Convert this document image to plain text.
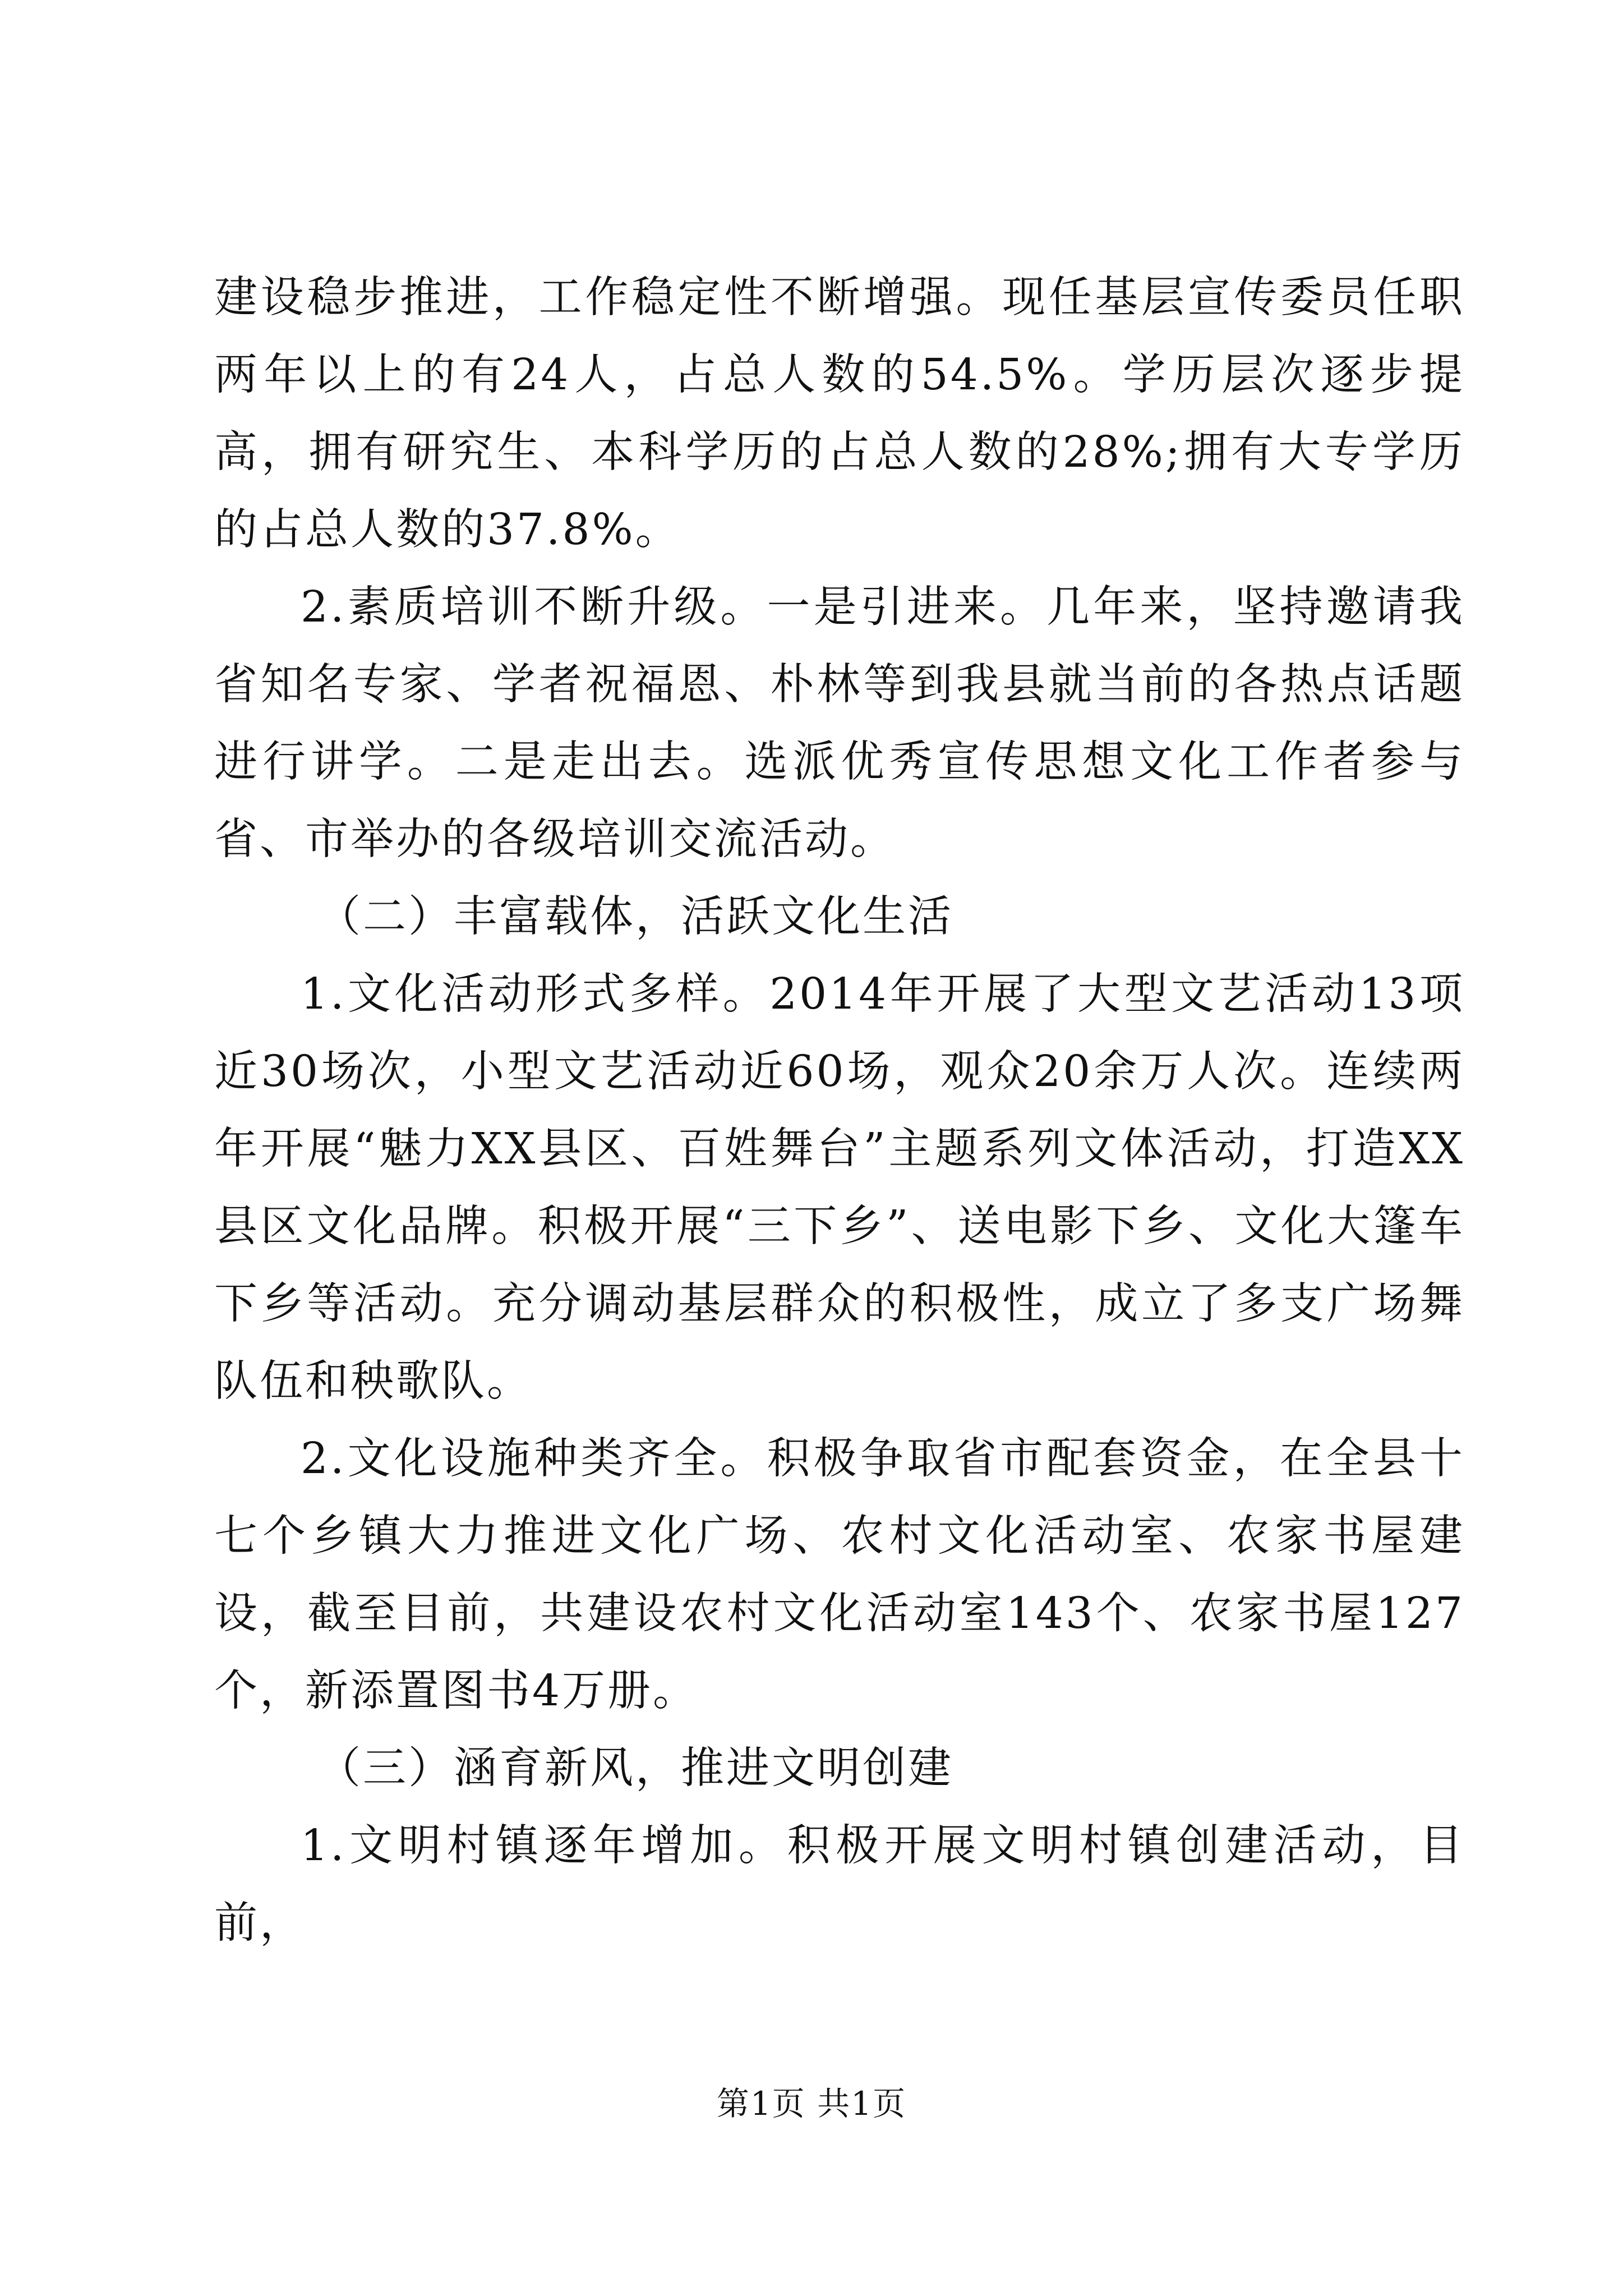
建设稳步推进，工作稳定性不断增强。现任基层宣传委员任职两年以上的有24人，占总人数的54.5%。学历层次逐步提高，拥有研究生、本科学历的占总人数的28%;拥有大专学历的占总人数的37.8%。

2.素质培训不断升级。一是引进来。几年来，坚持邀请我省知名专家、学者祝福恩、朴林等到我县就当前的各热点话题进行讲学。二是走出去。选派优秀宣传思想文化工作者参与省、市举办的各级培训交流活动。

（二）丰富载体，活跃文化生活

1.文化活动形式多样。2014年开展了大型文艺活动13项近30场次，小型文艺活动近60场，观众20余万人次。连续两年开展“魅力XX县区、百姓舞台”主题系列文体活动，打造XX县区文化品牌。积极开展“三下乡”、送电影下乡、文化大篷车下乡等活动。充分调动基层群众的积极性，成立了多支广场舞队伍和秧歌队。

2.文化设施种类齐全。积极争取省市配套资金，在全县十七个乡镇大力推进文化广场、农村文化活动室、农家书屋建设，截至目前，共建设农村文化活动室143个、农家书屋127个，新添置图书4万册。

（三）涵育新风，推进文明创建

1.文明村镇逐年增加。积极开展文明村镇创建活动，目前，

第1页 共1页
